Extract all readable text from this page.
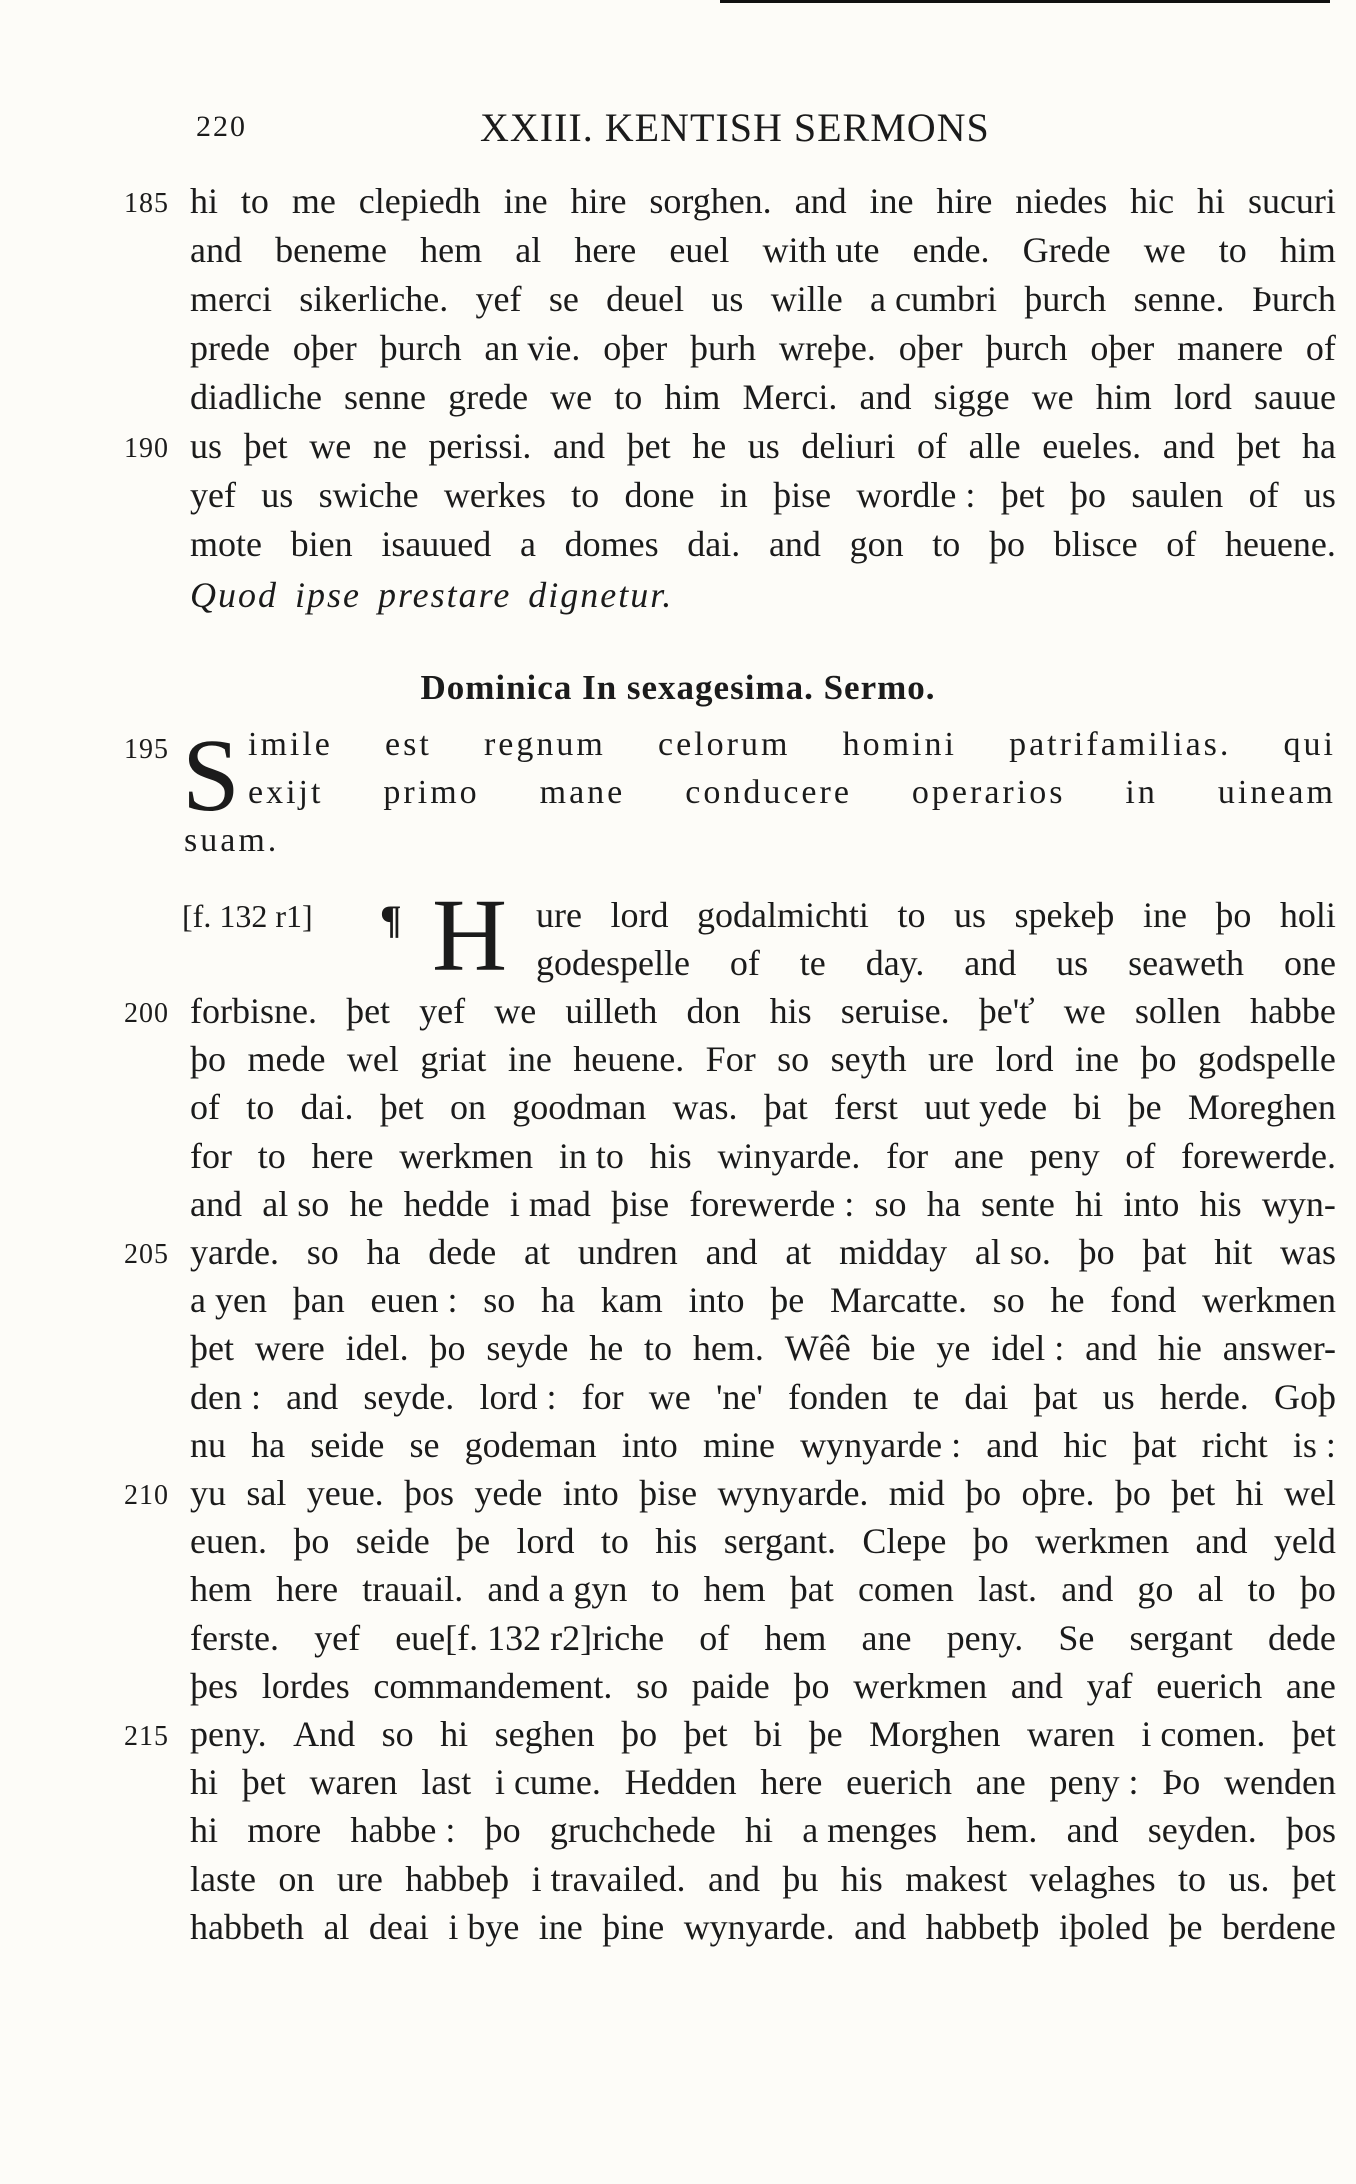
220	XXIII. KENTISH SERMONS
185 hi to me clepiedh ine hire sorghen. and ine hire niedes hic hi sucuri
and beneme hem al here euel with ute ende. Grede we to him
merci sikerliche. yef se deuel us wille a cumbri þurch senne. Þurch
prede oþer þurch an vie. oþer þurh wreþe. oþer þurch oþer manere of
diadliche senne grede we to him Merci. and sigge we him lord sauue
190 us þet we ne perissi. and þet he us deliuri of alle eueles. and þet ha
yef us swiche werkes to done in þise wordle : þet þo saulen of us
mote bien isauued a domes dai. and gon to þo blisce of heuene.
Quod ipse prestare dignetur.
Dominica In sexagesima. Sermo.
S
195 imile est regnum celorum homini patrifamilias. qui
exijt primo mane conducere operarios in uineam
suam.
[f. 132 r1] ¶ H ure lord godalmichti to us spekeþ ine þo holi
godespelle of te day. and us seaweth one
200 forbisne. þet yef we uilleth don his seruise. þe'ť we sollen habbe
þo mede wel griat ine heuene. For so seyth ure lord ine þo godspelle
of to dai. þet on goodman was. þat ferst uut yede bi þe Moreghen
for to here werkmen in to his winyarde. for ane peny of forewerde.
and al so he hedde i mad þise forewerde : so ha sente hi into his wyn-
205 yarde. so ha dede at undren and at midday al so. þo þat hit was
a yen þan euen : so ha kam into þe Marcatte. so he fond werkmen
þet were idel. þo seyde he to hem. Wêê bie ye idel : and hie answer-
den : and seyde. lord : for we 'ne' fonden te dai þat us herde. Goþ
nu ha seide se godeman into mine wynyarde : and hic þat richt is :
210 yu sal yeue. þos yede into þise wynyarde. mid þo oþre. þo þet hi wel
euen. þo seide þe lord to his sergant. Clepe þo werkmen and yeld
hem here trauail. and a gyn to hem þat comen last. and go al to þo
ferste. yef eue[f. 132 r2]riche of hem ane peny. Se sergant dede
þes lordes commandement. so paide þo werkmen and yaf euerich ane
215 peny. And so hi seghen þo þet bi þe Morghen waren i comen. þet
hi þet waren last i cume. Hedden here euerich ane peny : Þo wenden
hi more habbe : þo gruchchede hi a menges hem. and seyden. þos
laste on ure habbeþ i travailed. and þu his makest velaghes to us. þet
habbeth al deai i bye ine þine wynyarde. and habbetþ iþoled þe berdene
